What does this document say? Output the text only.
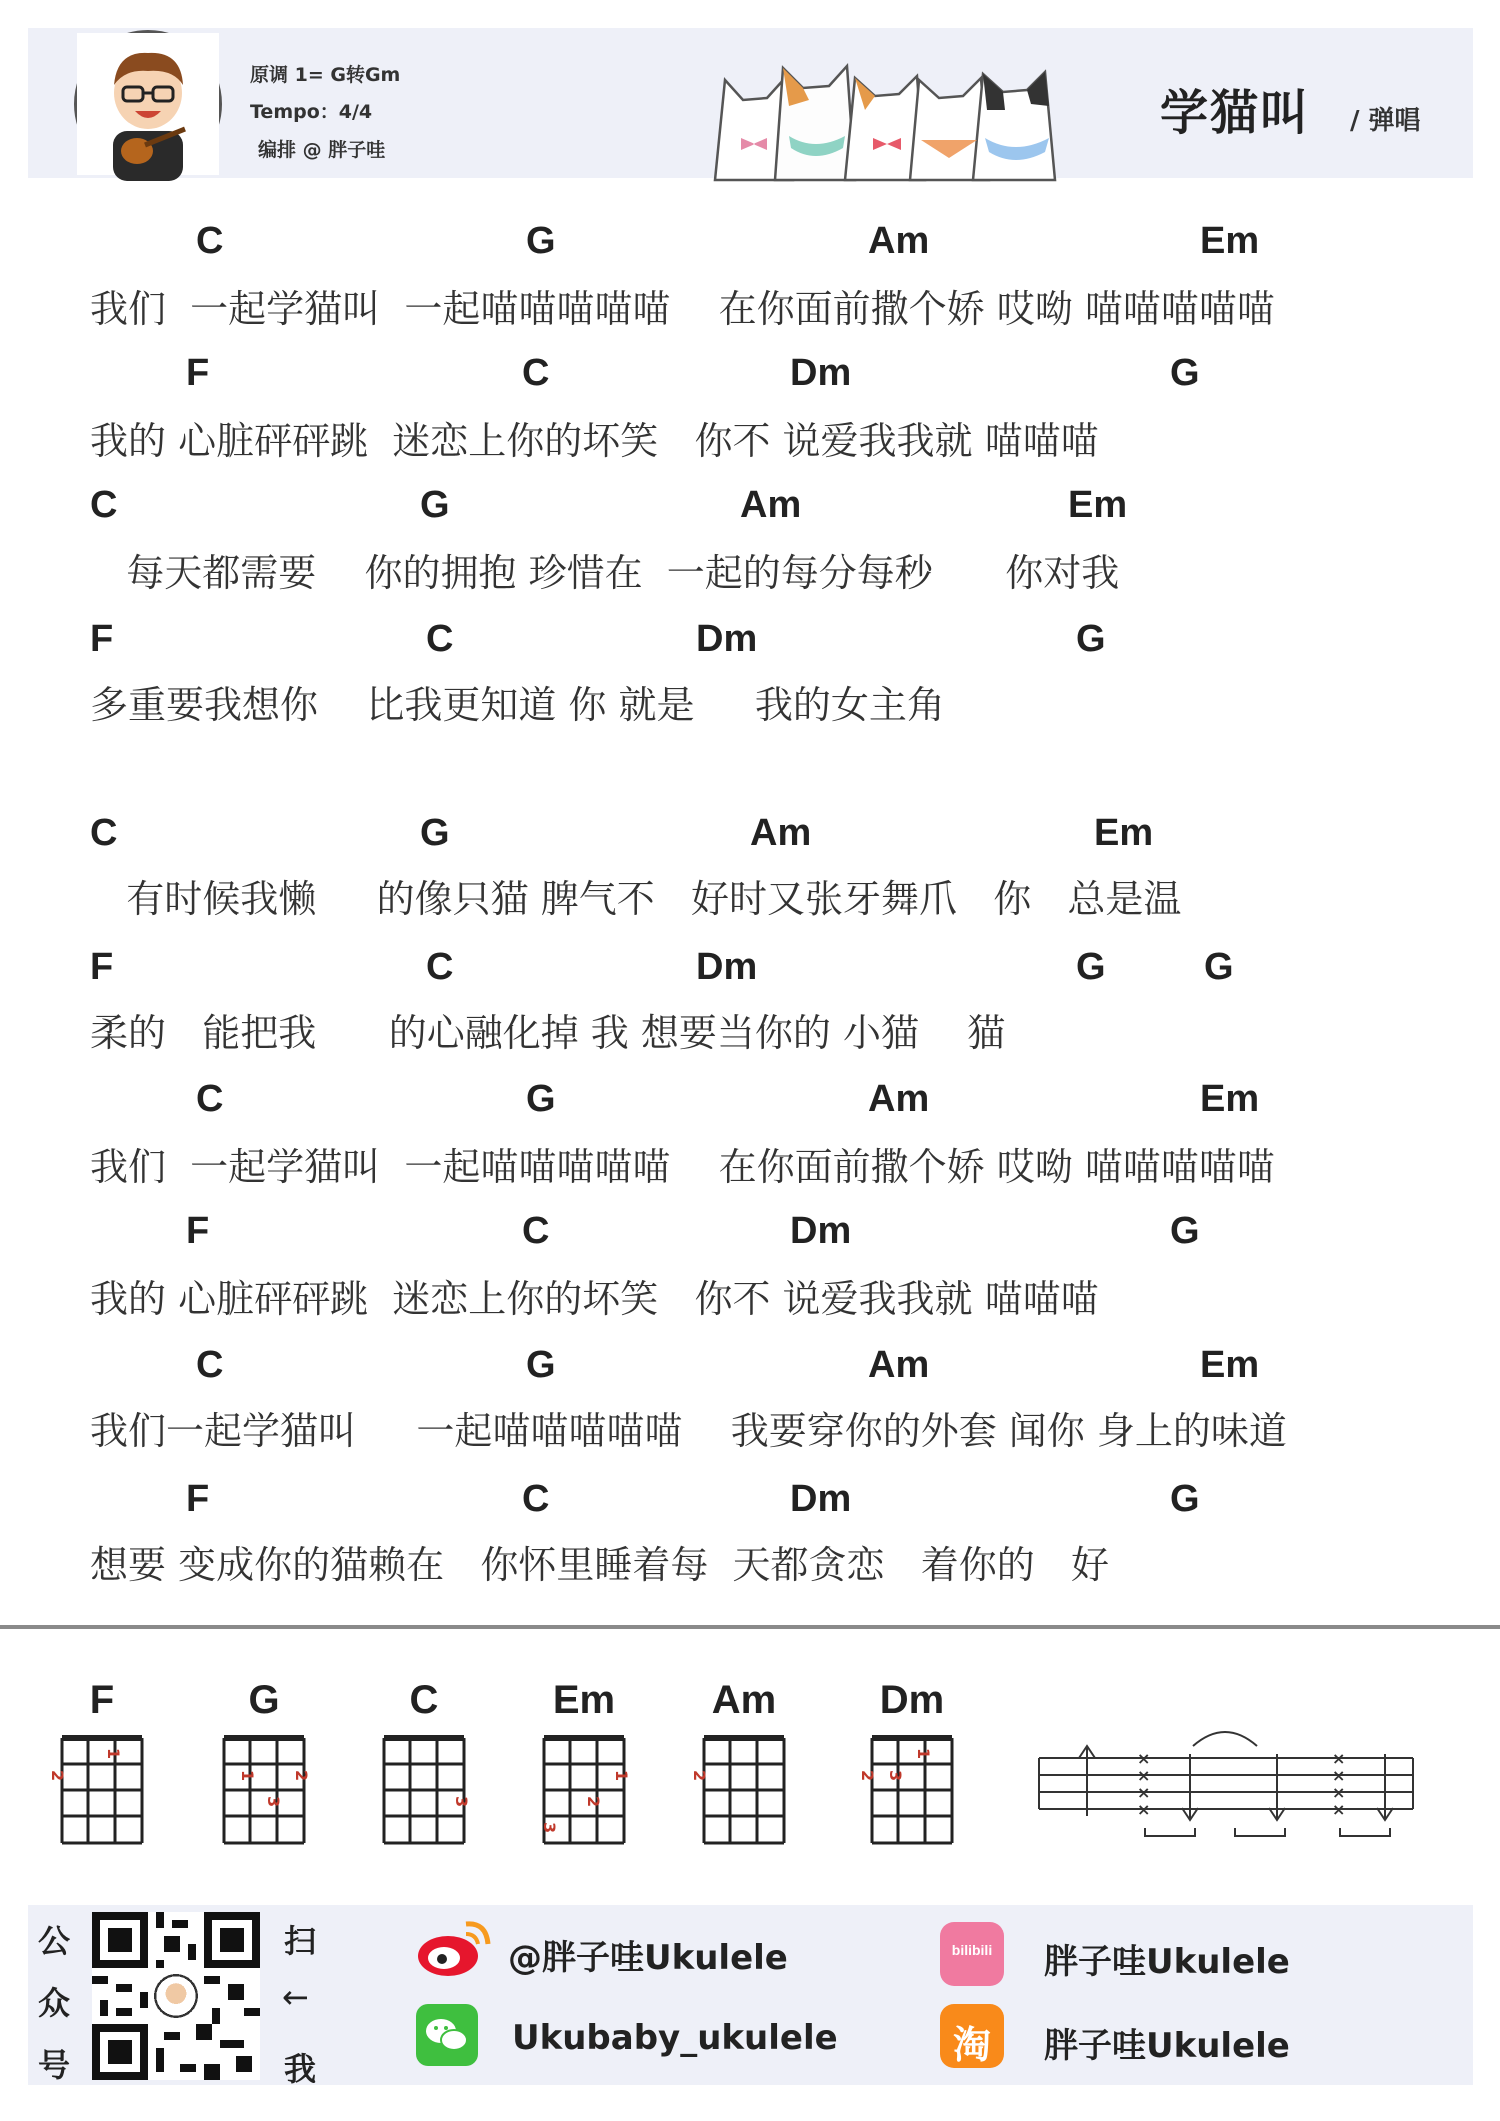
原调 1= G转Gm
Tempo：4/4
编排 @ 胖子哇
学猫叫 / 弹唱
C	G	Am	Em
我们  一起学猫叫  一起喵喵喵喵喵    在你面前撒个娇 哎呦 喵喵喵喵喵
F	C	Dm	G
我的 心脏砰砰跳  迷恋上你的坏笑   你不 说爱我我就 喵喵喵
C	G	Am	Em
每天都需要    你的拥抱 珍惜在  一起的每分每秒      你对我
F	C	Dm	G
多重要我想你    比我更知道 你 就是     我的女主角
C	G	Am	Em
有时候我懒     的像只猫 脾气不   好时又张牙舞爪   你   总是温
F	C	Dm	G	G
柔的   能把我      的心融化掉 我 想要当你的 小猫    猫
C	G	Am	Em
我们  一起学猫叫  一起喵喵喵喵喵    在你面前撒个娇 哎呦 喵喵喵喵喵
F	C	Dm	G
我的 心脏砰砰跳  迷恋上你的坏笑   你不 说爱我我就 喵喵喵
C	G	Am	Em
我们一起学猫叫     一起喵喵喵喵喵    我要穿你的外套 闻你 身上的味道
F	C	Dm	G
想要 变成你的猫赖在   你怀里睡着每  天都贪恋   着你的   好
F
2
1
G
1 2
3
C
3
Em
1
2
3
Am
2
Dm
2 3
1	×
×
×
×
×
×
×
×
公
众
号
扫
←
我
@胖子哇Ukulele
Ukubaby_ukulele
bilibili	胖子哇Ukulele
淘	胖子哇Ukulele
